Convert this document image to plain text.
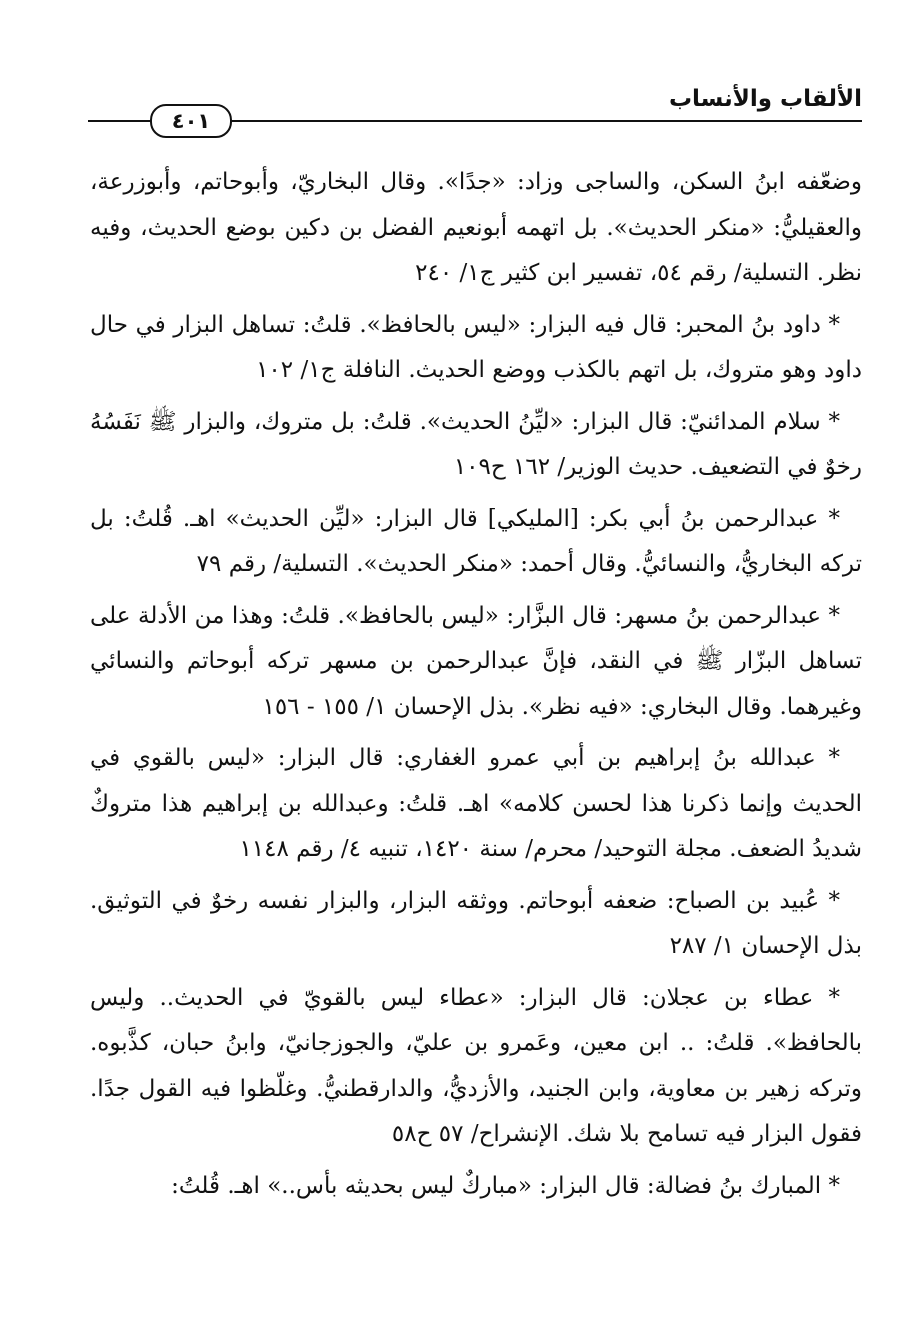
الألقاب والأنساب
٤٠١

وضعّفه ابنُ السكن، والساجى وزاد: «جدًا». وقال البخاريّ، وأبوحاتم، وأبوزرعة، والعقيليُّ: «منكر الحديث». بل اتهمه أبونعيم الفضل بن دكين بوضع الحديث، وفيه نظر. التسلية/ رقم ٥٤، تفسير ابن كثير ج١/ ٢٤٠

* داود بنُ المحبر: قال فيه البزار: «ليس بالحافظ». قلتُ: تساهل البزار في حال داود وهو متروك، بل اتهم بالكذب ووضع الحديث. النافلة ج١/ ١٠٢

* سلام المدائنيّ: قال البزار: «ليِّنُ الحديث». قلتُ: بل متروك، والبزار ﷺ نَفَسُهُ رخوٌ في التضعيف. حديث الوزير/ ١٦٢ ح١٠٩

* عبدالرحمن بنُ أبي بكر: [المليكي] قال البزار: «ليِّن الحديث» اهـ. قُلتُ: بل تركه البخاريُّ، والنسائيُّ. وقال أحمد: «منكر الحديث». التسلية/ رقم ٧٩

* عبدالرحمن بنُ مسهر: قال البزَّار: «ليس بالحافظ». قلتُ: وهذا من الأدلة على تساهل البزّار ﷺ في النقد، فإنَّ عبدالرحمن بن مسهر تركه أبوحاتم والنسائي وغيرهما. وقال البخاري: «فيه نظر». بذل الإحسان ١/ ١٥٥ - ١٥٦

* عبدالله بنُ إبراهيم بن أبي عمرو الغفاري: قال البزار: «ليس بالقوي في الحديث وإنما ذكرنا هذا لحسن كلامه» اهـ. قلتُ: وعبدالله بن إبراهيم هذا متروكٌ شديدُ الضعف. مجلة التوحيد/ محرم/ سنة ١٤٢٠، تنبيه ٤/ رقم ١١٤٨

* عُبيد بن الصباح: ضعفه أبوحاتم. ووثقه البزار، والبزار نفسه رخوٌ في التوثيق. بذل الإحسان ١/ ٢٨٧

* عطاء بن عجلان: قال البزار: «عطاء ليس بالقويّ في الحديث.. وليس بالحافظ». قلتُ: .. ابن معين، وعَمرو بن عليّ، والجوزجانيّ، وابنُ حبان، كذَّبوه. وتركه زهير بن معاوية، وابن الجنيد، والأزديُّ، والدارقطنيُّ. وغلّظوا فيه القول جدًا. فقول البزار فيه تسامح بلا شك. الإنشراح/ ٥٧ ح٥٨

* المبارك بنُ فضالة: قال البزار: «مباركٌ ليس بحديثه بأس..» اهـ. قُلتُ:
